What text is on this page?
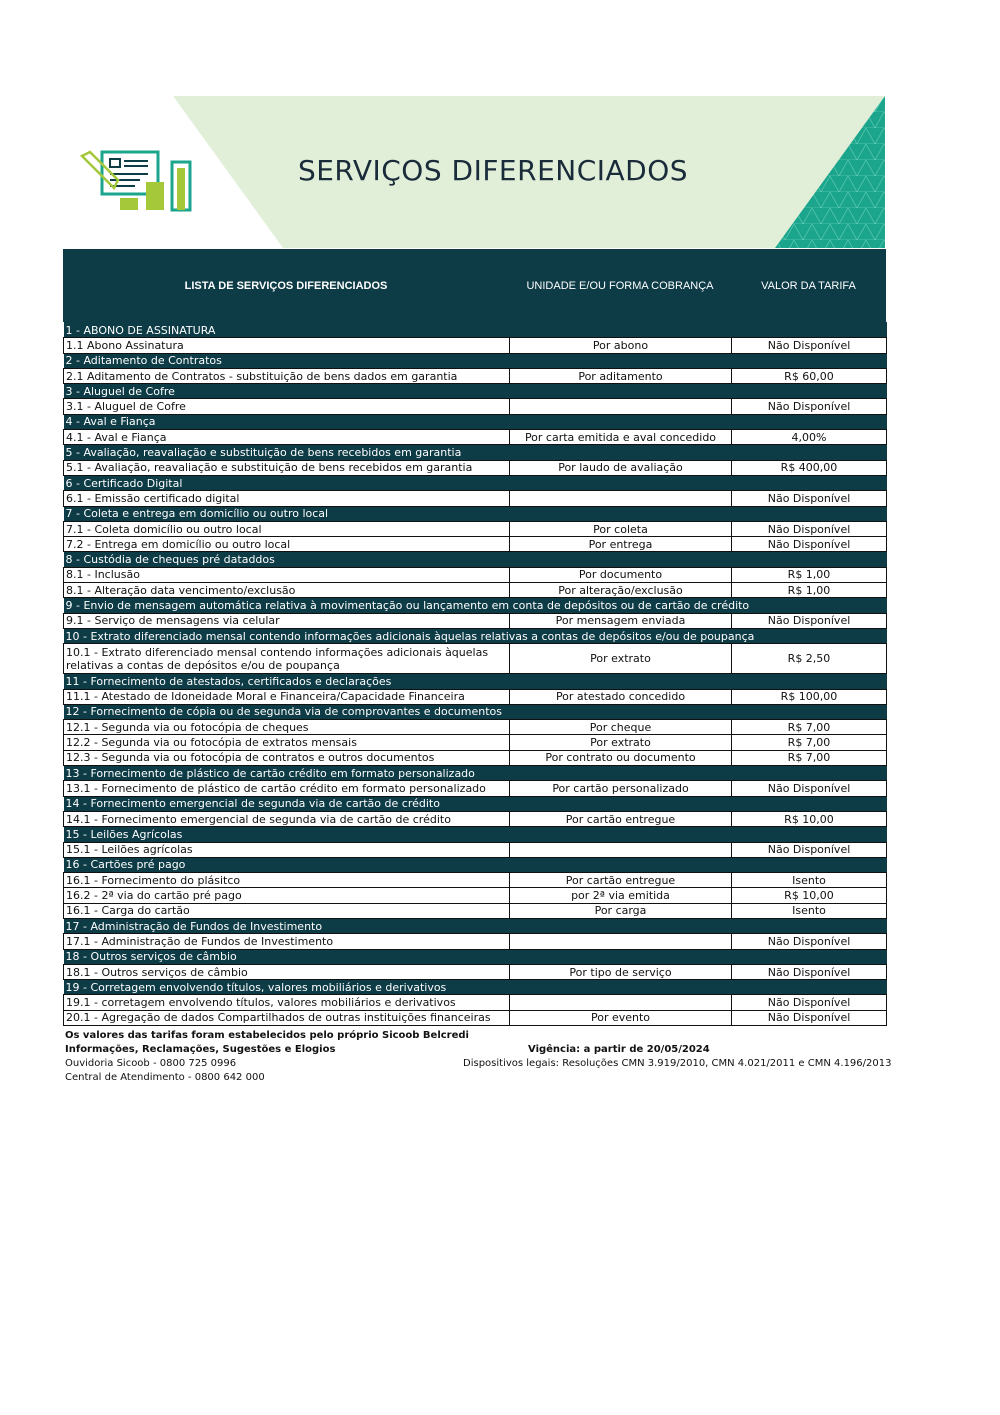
SERVIÇOS DIFERENCIADOS
LISTA DE SERVIÇOS DIFERENCIADOS	UNIDADE E/OU FORMA COBRANÇA	VALOR DA TARIFA
1 - ABONO DE ASSINATURA		
1.1 Abono Assinatura	Por abono	Não Disponível
2 - Aditamento de Contratos		
2.1 Aditamento de Contratos - substituição de bens dados em garantia	Por aditamento	R$ 60,00
3 - Aluguel de Cofre		
3.1 - Aluguel de Cofre		Não Disponível
4 - Aval e Fiança		
4.1 - Aval e Fiança	Por carta emitida e aval concedido	4,00%
5 - Avaliação, reavaliação e substituição de bens recebidos em garantia		
5.1 - Avaliação, reavaliação e substituição de bens recebidos em garantia	Por laudo de avaliação	R$ 400,00
6 - Certificado Digital		
6.1 - Emissão certificado digital		Não Disponível
7 - Coleta e entrega em domicílio ou outro local		
7.1 - Coleta domicílio ou outro local	Por coleta	Não Disponível
7.2 - Entrega em domicílio ou outro local	Por entrega	Não Disponível
8 - Custódia de cheques pré dataddos		
8.1 - Inclusão	Por documento	R$ 1,00
8.1 - Alteração data vencimento/exclusão	Por alteração/exclusão	R$ 1,00
9 - Envio de mensagem automática relativa à movimentação ou lançamento em conta de depósitos ou de cartão de crédito		
9.1 - Serviço de mensagens via celular	Por mensagem enviada	Não Disponível
10 - Extrato diferenciado mensal contendo informações adicionais àquelas relativas a contas de depósitos e/ou de poupança		
10.1 - Extrato diferenciado mensal contendo informações adicionais àquelas relativas a contas de depósitos e/ou de poupança	Por extrato	R$ 2,50
11 - Fornecimento de atestados, certificados e declarações		
11.1 - Atestado de Idoneidade Moral e Financeira/Capacidade Financeira	Por atestado concedido	R$ 100,00
12 - Fornecimento de cópia ou de segunda via de comprovantes e documentos		
12.1 - Segunda via ou fotocópia de cheques	Por cheque	R$ 7,00
12.2 - Segunda via ou fotocópia de extratos mensais	Por extrato	R$ 7,00
12.3 - Segunda via ou fotocópia de contratos e outros documentos	Por contrato ou documento	R$ 7,00
13 - Fornecimento de plástico de cartão crédito em formato personalizado		
13.1 - Fornecimento de plástico de cartão crédito em formato personalizado	Por cartão personalizado	Não Disponível
14 - Fornecimento emergencial de segunda via de cartão de crédito		
14.1 - Fornecimento emergencial de segunda via de cartão de crédito	Por cartão entregue	R$ 10,00
15 - Leilões Agrícolas		
15.1 - Leilões agrícolas		Não Disponível
16 - Cartões pré pago		
16.1 - Fornecimento do plásitco	Por cartão entregue	Isento
16.2 - 2ª via do cartão pré pago	por 2ª via emitida	R$ 10,00
16.1 - Carga do cartão	Por carga	Isento
17 - Administração de Fundos de Investimento		
17.1 - Administração de Fundos de Investimento		Não Disponível
18 - Outros serviços de câmbio		
18.1 - Outros serviços de câmbio	Por tipo de serviço	Não Disponível
19 - Corretagem envolvendo títulos, valores mobiliários e derivativos		
19.1 - corretagem envolvendo títulos, valores mobiliários e derivativos		Não Disponível
20.1 - Agregação de dados Compartilhados de outras instituições financeiras	Por evento	Não Disponível
Os valores das tarifas foram estabelecidos pelo próprio Sicoob Belcredi
Informações, Reclamações, Sugestões e Elogios
Ouvidoria Sicoob - 0800 725 0996
Central de Atendimento - 0800 642 000
Vigência: a partir de 20/05/2024
Dispositivos legais: Resoluções CMN 3.919/2010, CMN 4.021/2011 e CMN 4.196/2013
